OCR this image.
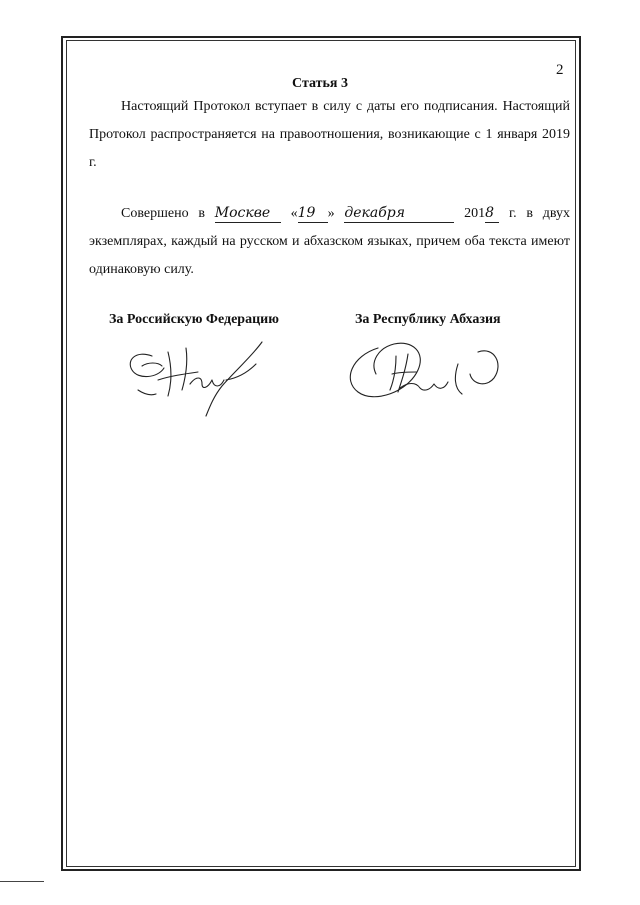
2
Статья 3

Настоящий Протокол вступает в силу с даты его подписания. Настоящий Протокол распространяется на правоотношения, возникающие с 1 января 2019 г.

Совершено в Москве «19 » декабря	2018 г. в двух экземплярах, каждый на русском и абхазском языках, причем оба текста имеют одинаковую силу.

За Российскую Федерацию	За Республику Абхазия
